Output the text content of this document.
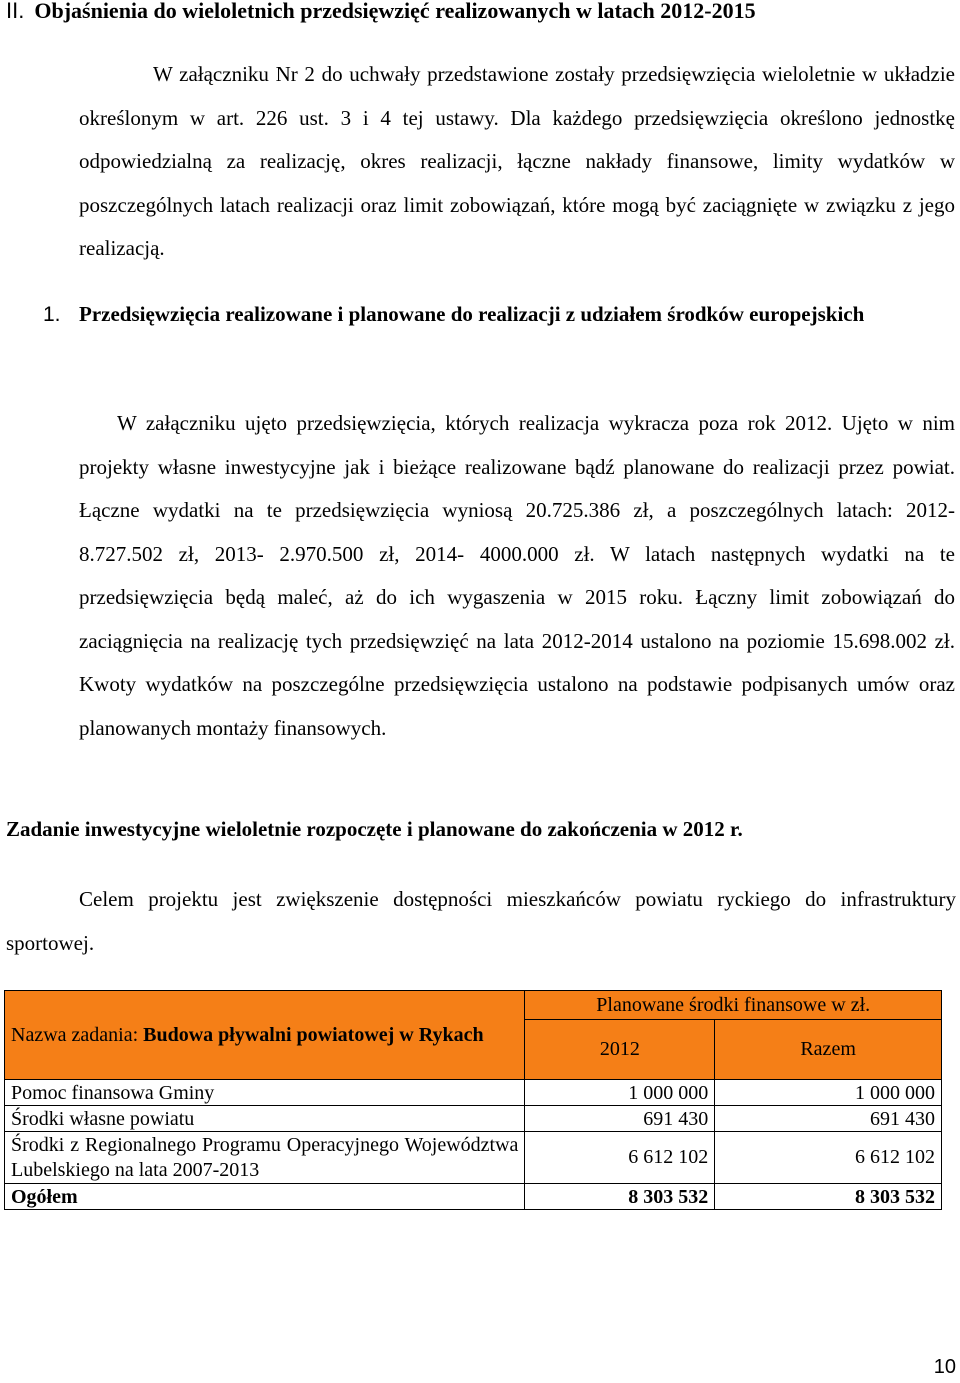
II. Objaśnienia do wieloletnich przedsięwzięć realizowanych w latach 2012-2015
W załączniku Nr 2 do uchwały przedstawione zostały przedsięwzięcia wieloletnie w układzie określonym w art. 226 ust. 3 i 4 tej ustawy. Dla każdego przedsięwzięcia określono jednostkę odpowiedzialną za realizację, okres realizacji, łączne nakłady finansowe, limity wydatków w poszczególnych latach realizacji oraz limit zobowiązań, które mogą być zaciągnięte w związku z jego realizacją.
1. Przedsięwzięcia realizowane i planowane do realizacji z udziałem środków europejskich
W załączniku ujęto przedsięwzięcia, których realizacja wykracza poza rok 2012. Ujęto w nim projekty własne inwestycyjne jak i bieżące realizowane bądź planowane do realizacji przez powiat. Łączne wydatki na te przedsięwzięcia wyniosą 20.725.386 zł, a poszczególnych latach: 2012- 8.727.502 zł, 2013- 2.970.500 zł, 2014- 4000.000 zł. W latach następnych wydatki na te przedsięwzięcia będą maleć, aż do ich wygaszenia w 2015 roku. Łączny limit zobowiązań do zaciągnięcia na realizację tych przedsięwzięć na lata 2012-2014 ustalono na poziomie 15.698.002 zł. Kwoty wydatków na poszczególne przedsięwzięcia ustalono na podstawie podpisanych umów oraz planowanych montaży finansowych.
Zadanie inwestycyjne wieloletnie rozpoczęte i planowane do zakończenia w 2012 r.
Celem projektu jest zwiększenie dostępności mieszkańców powiatu ryckiego do infrastruktury sportowej.
Nazwa zadania: Budowa pływalni powiatowej w Rykach	Planowane środki finansowe w zł.	
	2012	Razem
Pomoc finansowa Gminy	1 000 000	1 000 000
Środki własne powiatu	691 430	691 430
Środki z Regionalnego Programu Operacyjnego Województwa Lubelskiego na lata 2007-2013	6 612 102	6 612 102
Ogółem	8 303 532	8 303 532
10
